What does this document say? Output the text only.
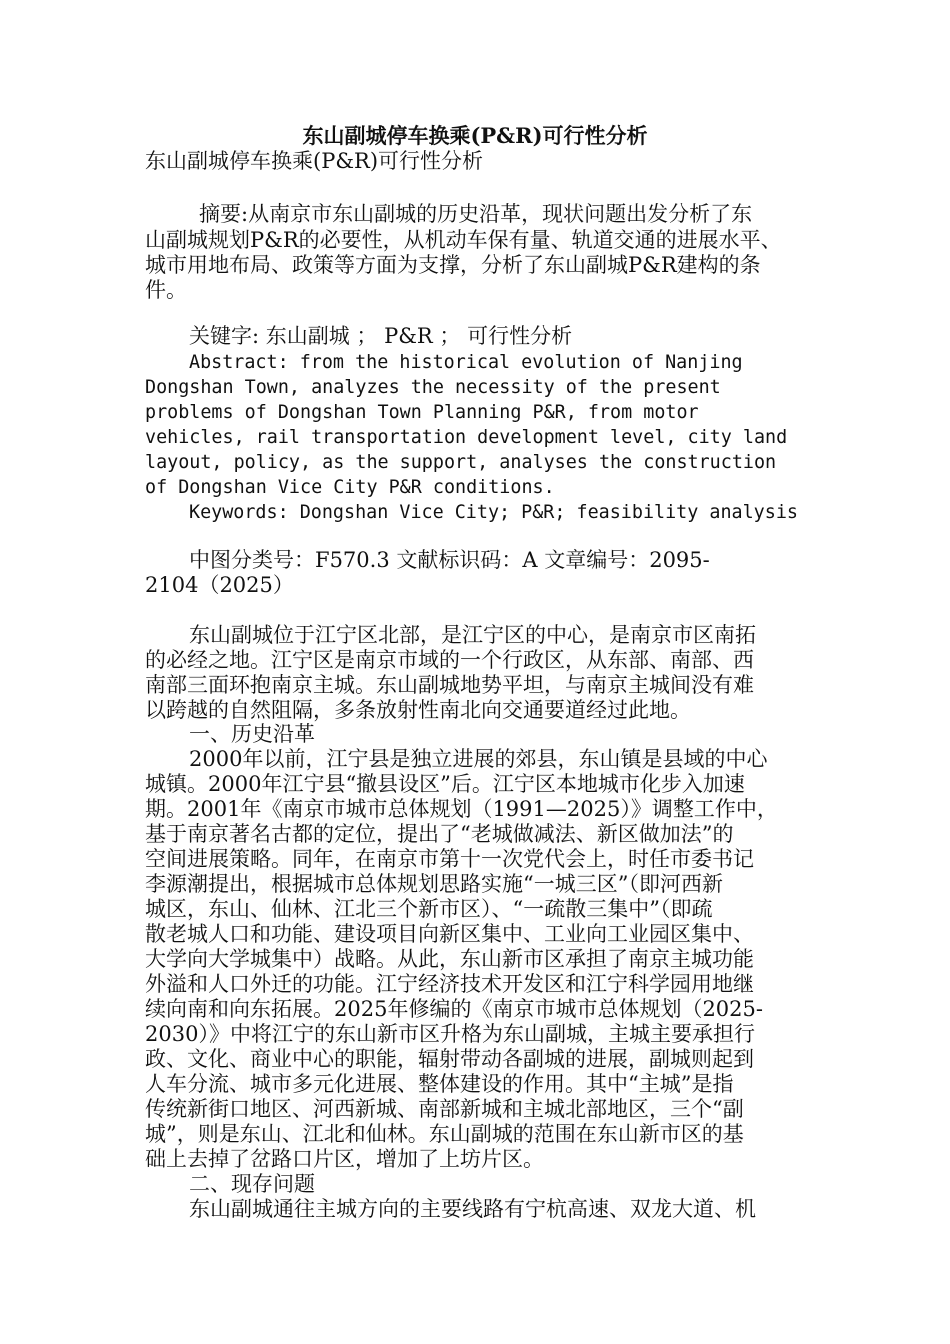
东山副城停车换乘(P&R)可行性分析

东山副城停车换乘(P&R)可行性分析

摘要:从南京市东山副城的历史沿革，现状问题出发分析了东

山副城规划P&R的必要性，从机动车保有量、轨道交通的进展水平、

城市用地布局、政策等方面为支撑，分析了东山副城P&R建构的条

件。

关键字: 东山副城 ； P&R ； 可行性分析

Abstract: from the historical evolution of Nanjing

Dongshan Town, analyzes the necessity of the present

problems of Dongshan Town Planning P&R, from motor

vehicles, rail transportation development level, city land

layout, policy, as the support, analyses the construction

of Dongshan Vice City P&R conditions.

Keywords: Dongshan Vice City; P&R; feasibility analysis

中图分类号：F570.3 文献标识码：A 文章编号：2095-

2104（2025）

东山副城位于江宁区北部，是江宁区的中心，是南京市区南拓

的必经之地。江宁区是南京市域的一个行政区，从东部、南部、西

南部三面环抱南京主城。东山副城地势平坦，与南京主城间没有难

以跨越的自然阻隔，多条放射性南北向交通要道经过此地。

一、历史沿革

2000年以前，江宁县是独立进展的郊县，东山镇是县域的中心

城镇。2000年江宁县“撤县设区”后。江宁区本地城市化步入加速

期。2001年《南京市城市总体规划（1991—2025）》调整工作中，

基于南京著名古都的定位，提出了“老城做减法、新区做加法”的

空间进展策略。同年，在南京市第十一次党代会上，时任市委书记

李源潮提出，根据城市总体规划思路实施“一城三区”（即河西新

城区，东山、仙林、江北三个新市区）、“一疏散三集中”（即疏

散老城人口和功能、建设项目向新区集中、工业向工业园区集中、

大学向大学城集中）战略。从此，东山新市区承担了南京主城功能

外溢和人口外迁的功能。江宁经济技术开发区和江宁科学园用地继

续向南和向东拓展。2025年修编的《南京市城市总体规划（2025-

2030）》中将江宁的东山新市区升格为东山副城，主城主要承担行

政、文化、商业中心的职能，辐射带动各副城的进展，副城则起到

人车分流、城市多元化进展、整体建设的作用。其中“主城”是指

传统新街口地区、河西新城、南部新城和主城北部地区，三个“副

城”，则是东山、江北和仙林。东山副城的范围在东山新市区的基

础上去掉了岔路口片区，增加了上坊片区。

二、现存问题

东山副城通往主城方向的主要线路有宁杭高速、双龙大道、机
